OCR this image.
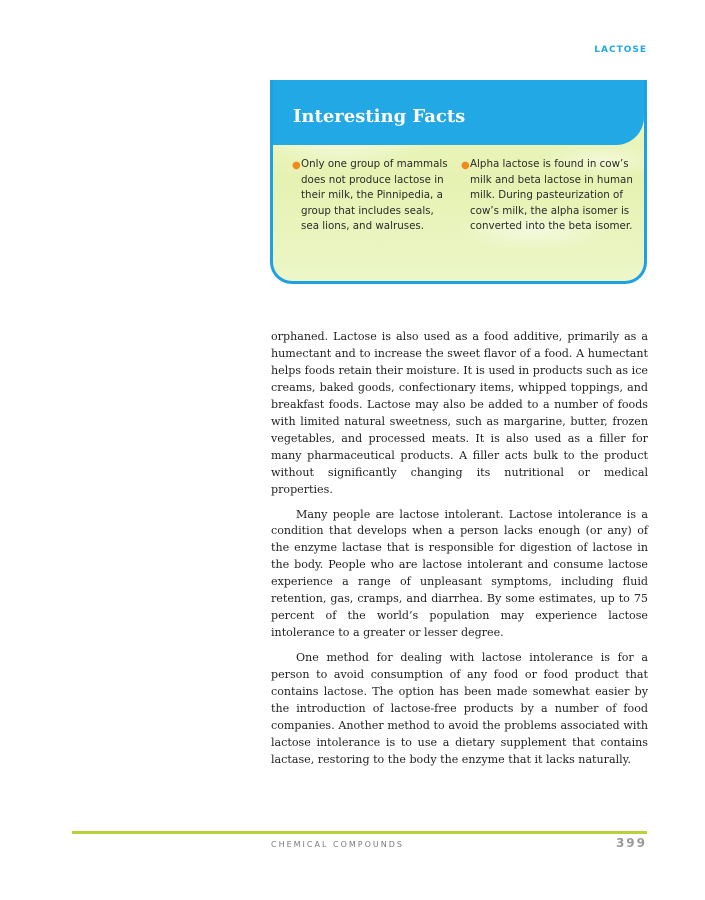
LACTOSE
Interesting Facts
● Only one group of mammals does not produce lactose in their milk, the Pinnipedia, a group that includes seals, sea lions, and walruses.
● Alpha lactose is found in cow’s milk and beta lactose in human milk. During pasteurization of cow’s milk, the alpha isomer is converted into the beta isomer.

orphaned. Lactose is also used as a food additive, primarily as a humectant and to increase the sweet flavor of a food. A humectant helps foods retain their moisture. It is used in products such as ice creams, baked goods, confectionary items, whipped toppings, and breakfast foods. Lactose may also be added to a number of foods with limited natural sweetness, such as margarine, butter, frozen vegetables, and processed meats. It is also used as a filler for many pharmaceutical products. A filler acts bulk to the product without significantly changing its nutritional or medical properties.

Many people are lactose intolerant. Lactose intolerance is a condition that develops when a person lacks enough (or any) of the enzyme lactase that is responsible for digestion of lactose in the body. People who are lactose intolerant and consume lactose experience a range of unpleasant symptoms, including fluid retention, gas, cramps, and diarrhea. By some estimates, up to 75 percent of the world’s population may experience lactose intolerance to a greater or lesser degree.

One method for dealing with lactose intolerance is for a person to avoid consumption of any food or food product that contains lactose. The option has been made somewhat easier by the introduction of lactose-free products by a number of food companies. Another method to avoid the problems associated with lactose intolerance is to use a dietary supplement that contains lactase, restoring to the body the enzyme that it lacks naturally.

CHEMICAL COMPOUNDS	399
